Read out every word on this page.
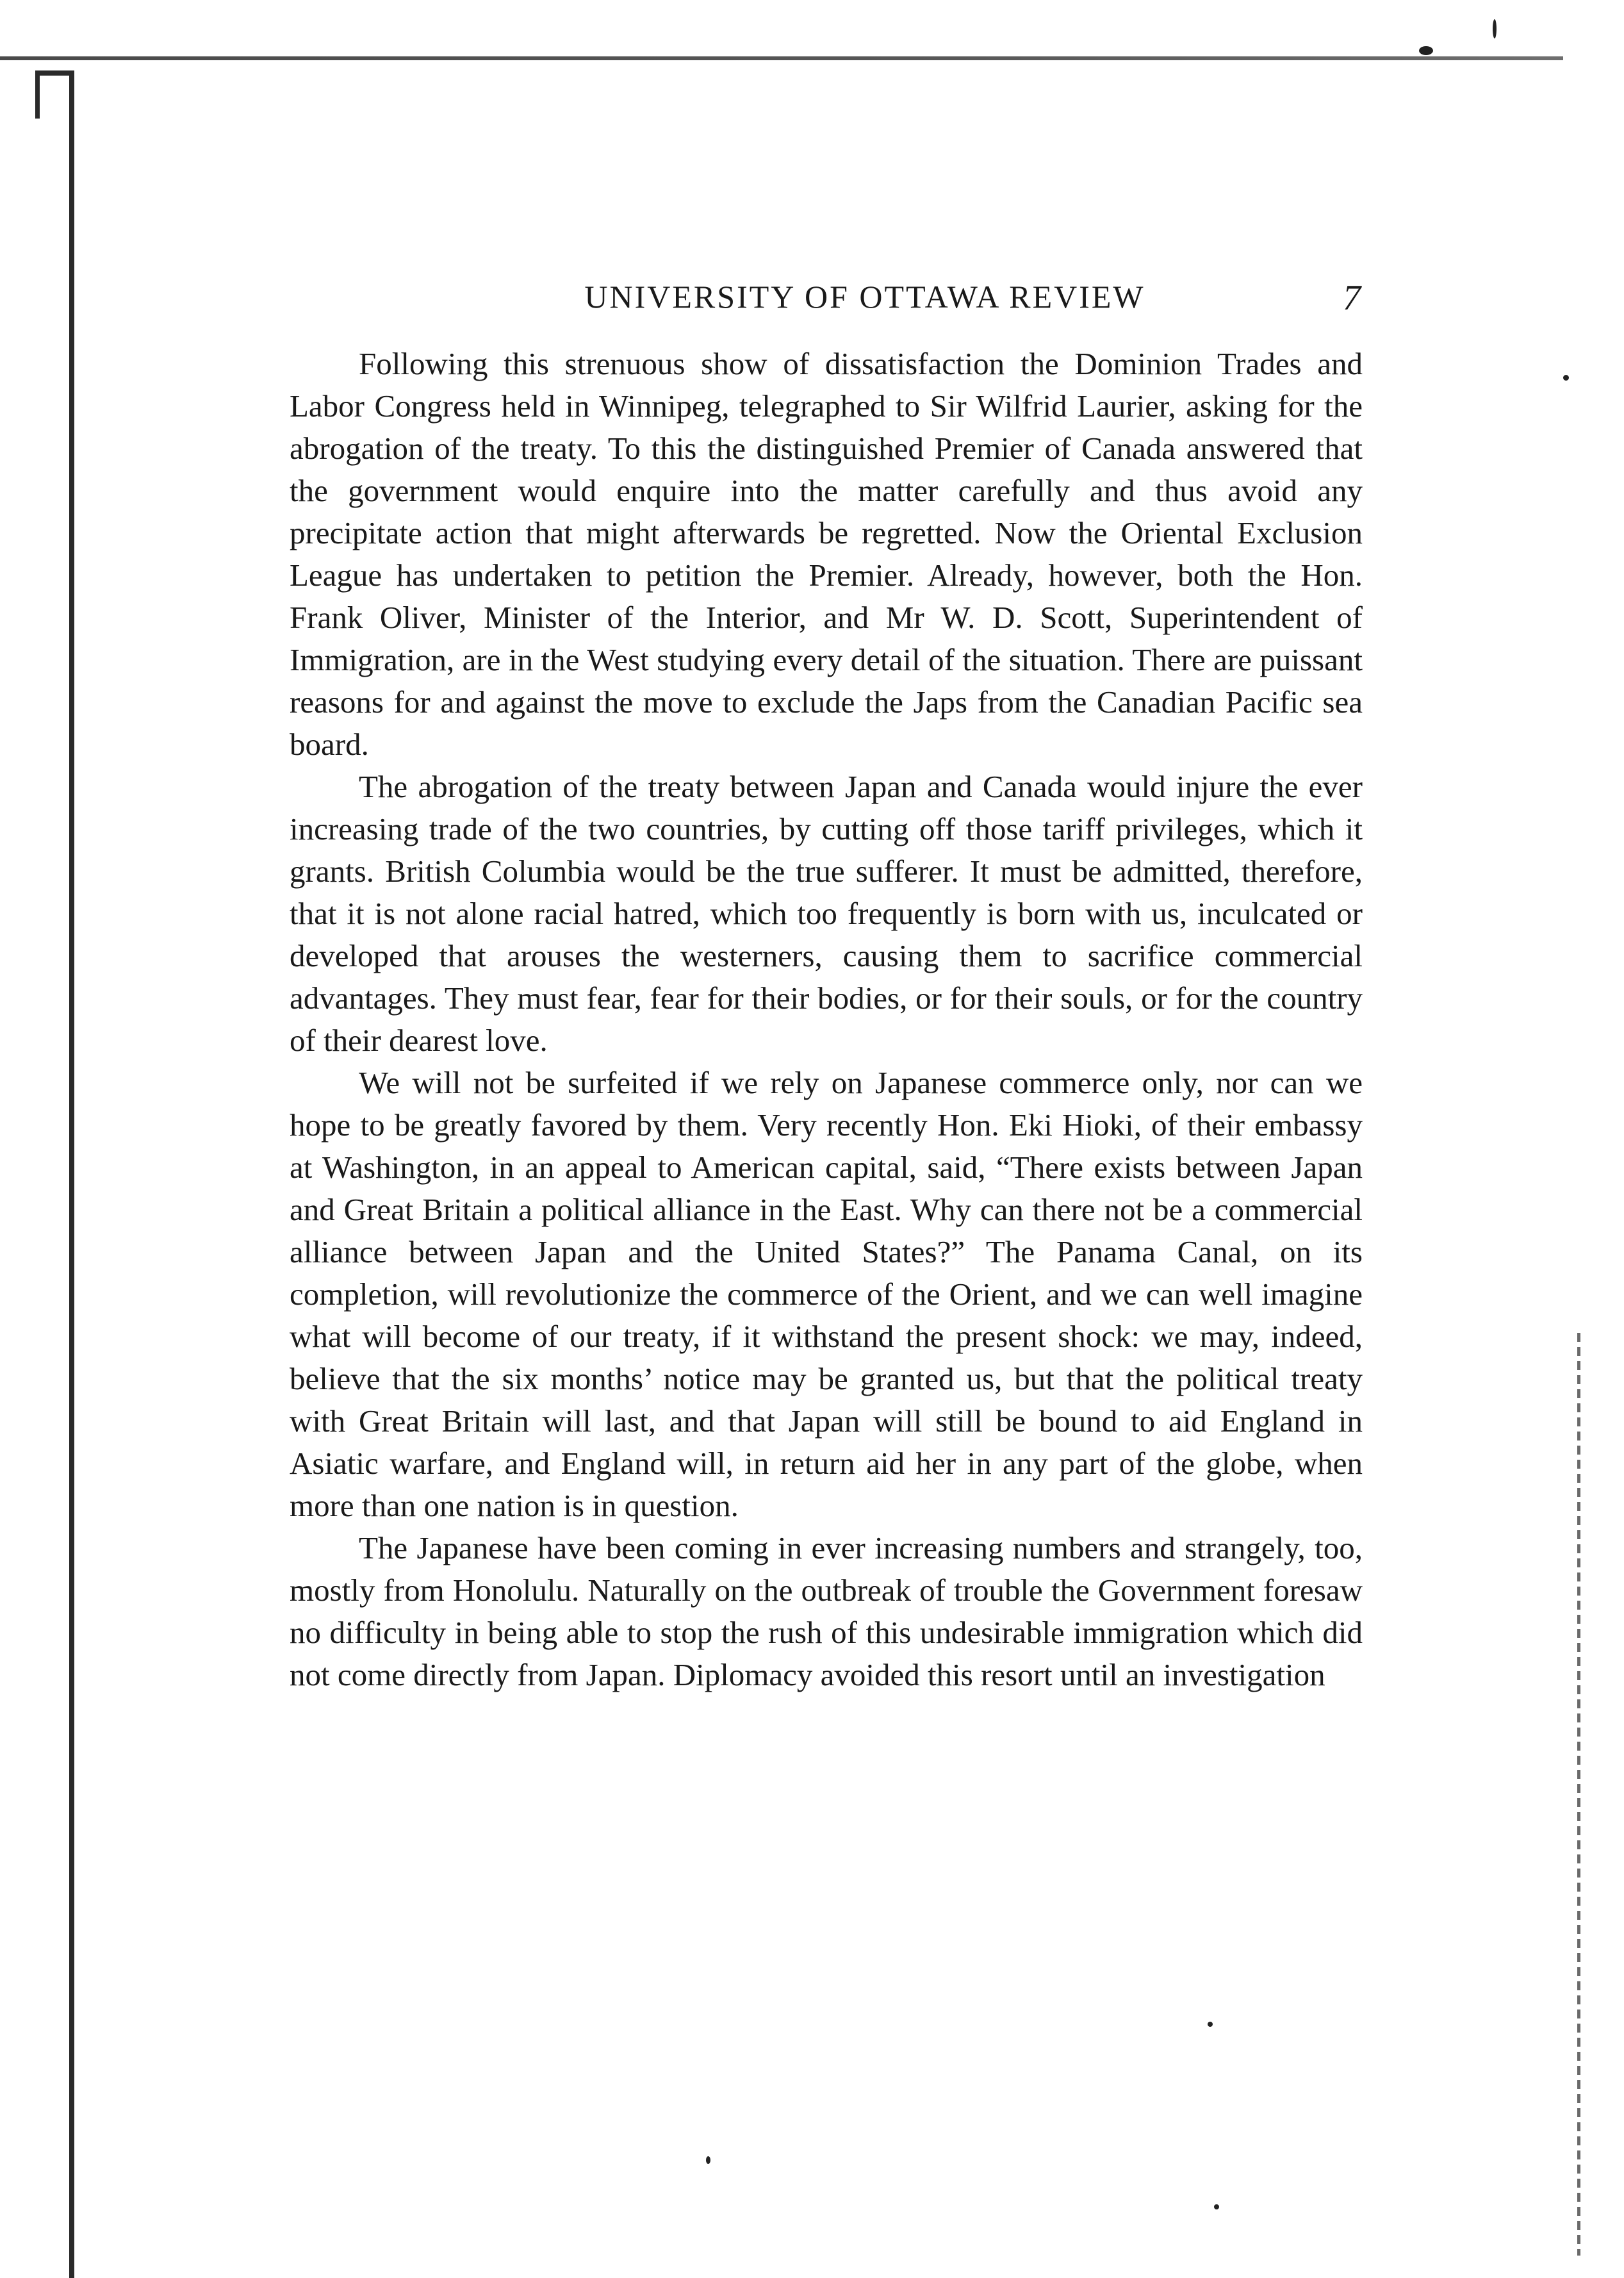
UNIVERSITY OF OTTAWA REVIEW	7

Following this strenuous show of dissatisfaction the Dominion Trades and Labor Congress held in Winnipeg, telegraphed to Sir Wilfrid Laurier, asking for the abrogation of the treaty. To this the distinguished Premier of Canada answered that the government would enquire into the matter carefully and thus avoid any precipitate action that might afterwards be regretted. Now the Oriental Exclusion League has undertaken to petition the Premier. Already, however, both the Hon. Frank Oliver, Minister of the Interior, and Mr W. D. Scott, Superintendent of Immigration, are in the West studying every detail of the situation. There are puissant reasons for and against the move to exclude the Japs from the Canadian Pacific sea board.

The abrogation of the treaty between Japan and Canada would injure the ever increasing trade of the two countries, by cutting off those tariff privileges, which it grants. British Columbia would be the true sufferer. It must be admitted, therefore, that it is not alone racial hatred, which too frequently is born with us, inculcated or developed that arouses the westerners, causing them to sacrifice commercial advantages. They must fear, fear for their bodies, or for their souls, or for the country of their dearest love.

We will not be surfeited if we rely on Japanese commerce only, nor can we hope to be greatly favored by them. Very recently Hon. Eki Hioki, of their embassy at Washington, in an appeal to American capital, said, “There exists between Japan and Great Britain a political alliance in the East. Why can there not be a commercial alliance between Japan and the United States?” The Panama Canal, on its completion, will revolutionize the commerce of the Orient, and we can well imagine what will become of our treaty, if it withstand the present shock: we may, indeed, believe that the six months’ notice may be granted us, but that the political treaty with Great Britain will last, and that Japan will still be bound to aid England in Asiatic warfare, and England will, in return aid her in any part of the globe, when more than one nation is in question.

The Japanese have been coming in ever increasing numbers and strangely, too, mostly from Honolulu. Naturally on the outbreak of trouble the Government foresaw no difficulty in being able to stop the rush of this undesirable immigration which did not come directly from Japan. Diplomacy avoided this resort until an investigation
